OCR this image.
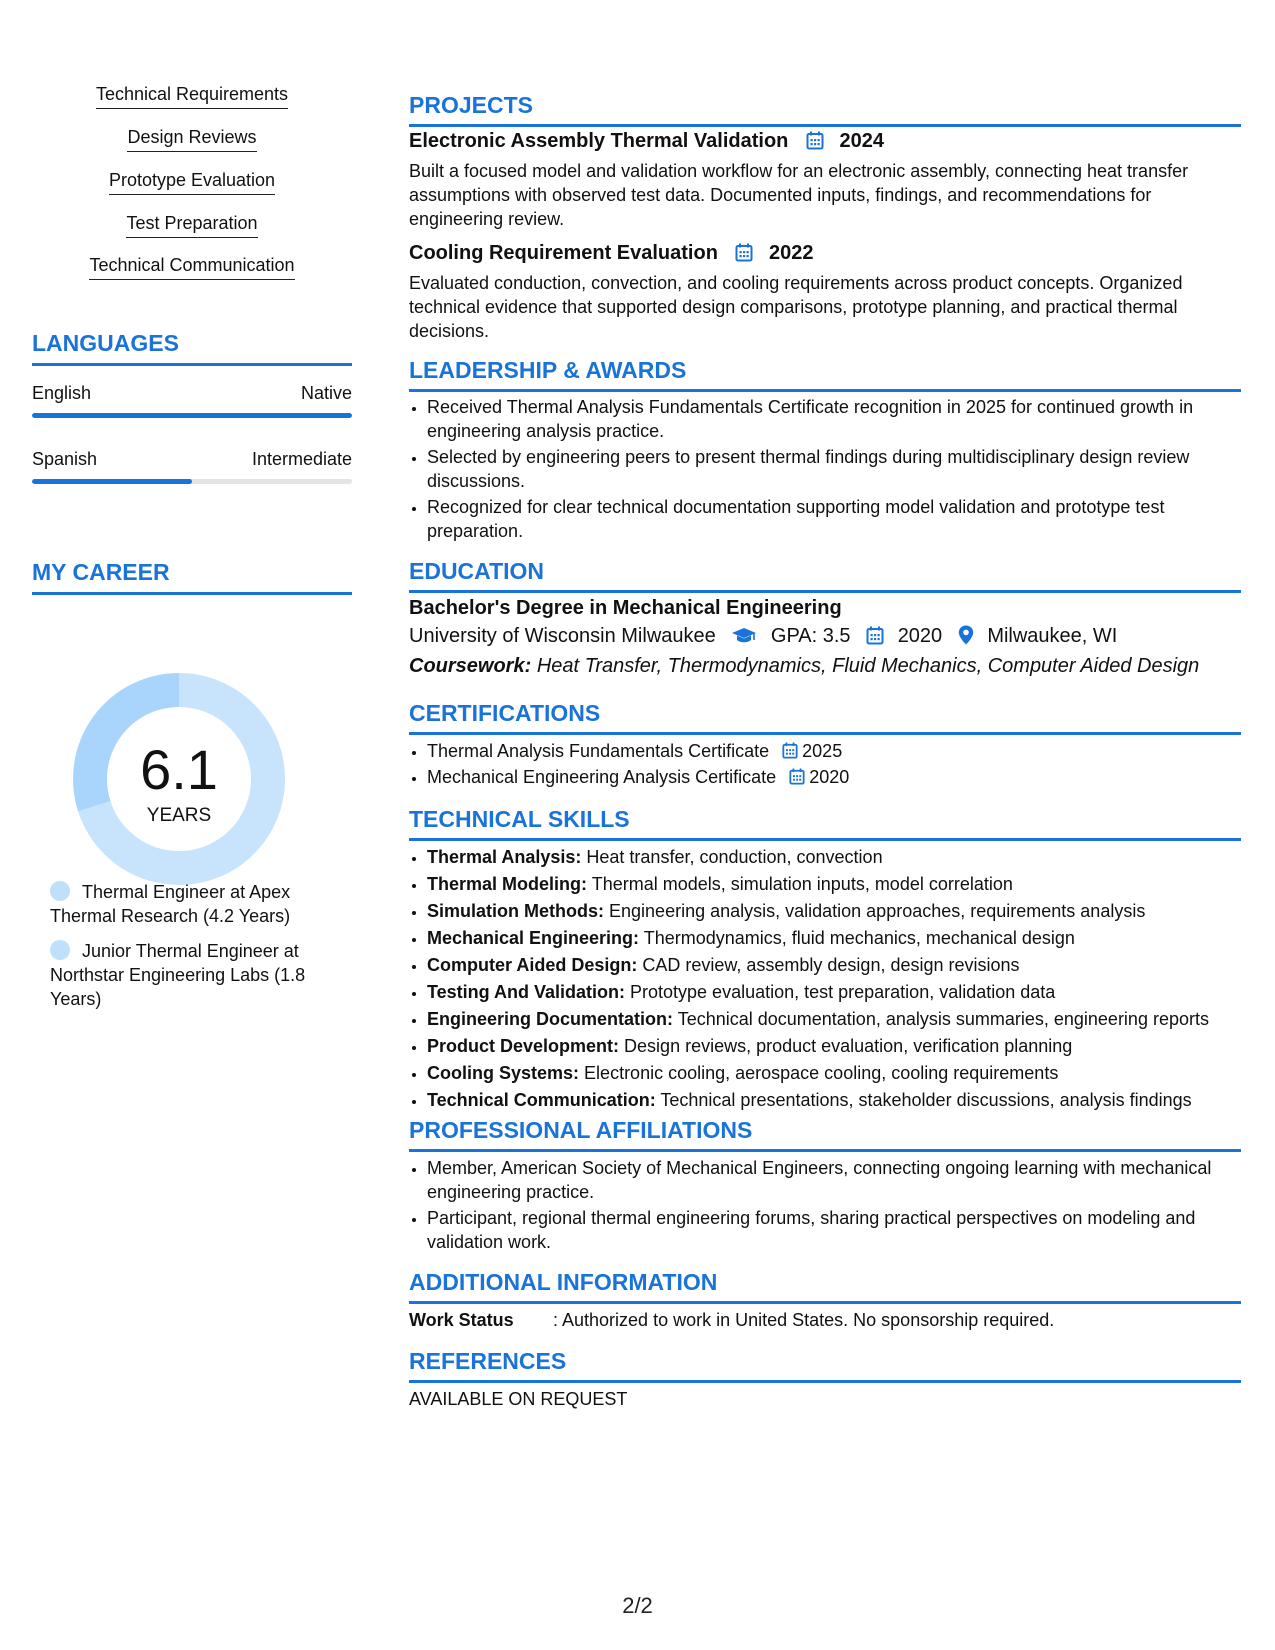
Technical Requirements
Design Reviews
Prototype Evaluation
Test Preparation
Technical Communication
LANGUAGES
English	Native
Spanish	Intermediate
MY CAREER
6.1
YEARS
Thermal Engineer at Apex Thermal Research (4.2 Years)
Junior Thermal Engineer at Northstar Engineering Labs (1.8 Years)
PROJECTS
Electronic Assembly Thermal Validation	2024
Built a focused model and validation workflow for an electronic assembly, connecting heat transfer assumptions with observed test data. Documented inputs, findings, and recommendations for engineering review.
Cooling Requirement Evaluation	2022
Evaluated conduction, convection, and cooling requirements across product concepts. Organized technical evidence that supported design comparisons, prototype planning, and practical thermal decisions.
LEADERSHIP & AWARDS
• Received Thermal Analysis Fundamentals Certificate recognition in 2025 for continued growth in engineering analysis practice.
• Selected by engineering peers to present thermal findings during multidisciplinary design review discussions.
• Recognized for clear technical documentation supporting model validation and prototype test preparation.
EDUCATION
Bachelor's Degree in Mechanical Engineering
University of Wisconsin Milwaukee	GPA: 3.5 2020 Milwaukee, WI
Coursework: Heat Transfer, Thermodynamics, Fluid Mechanics, Computer Aided Design
CERTIFICATIONS
• Thermal Analysis Fundamentals Certificate 2025
• Mechanical Engineering Analysis Certificate 2020
TECHNICAL SKILLS
• Thermal Analysis: Heat transfer, conduction, convection
• Thermal Modeling: Thermal models, simulation inputs, model correlation
• Simulation Methods: Engineering analysis, validation approaches, requirements analysis
• Mechanical Engineering: Thermodynamics, fluid mechanics, mechanical design
• Computer Aided Design: CAD review, assembly design, design revisions
• Testing And Validation: Prototype evaluation, test preparation, validation data
• Engineering Documentation: Technical documentation, analysis summaries, engineering reports
• Product Development: Design reviews, product evaluation, verification planning
• Cooling Systems: Electronic cooling, aerospace cooling, cooling requirements
• Technical Communication: Technical presentations, stakeholder discussions, analysis findings
PROFESSIONAL AFFILIATIONS
• Member, American Society of Mechanical Engineers, connecting ongoing learning with mechanical engineering practice.
• Participant, regional thermal engineering forums, sharing practical perspectives on modeling and validation work.
ADDITIONAL INFORMATION
Work Status : Authorized to work in United States. No sponsorship required.
REFERENCES
AVAILABLE ON REQUEST
2/2
